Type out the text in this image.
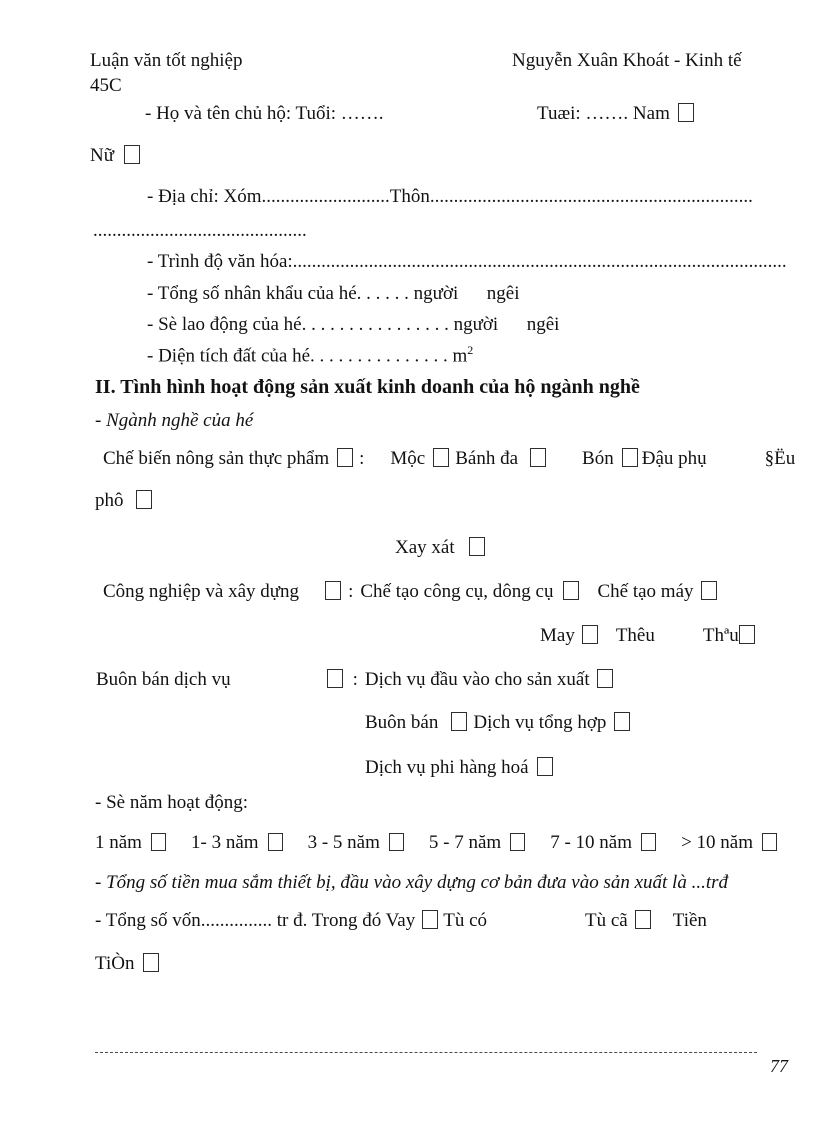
Luận văn tốt nghiệp	Nguyễn Xuân Khoát - Kinh tế
45C
- Họ và tên chủ hộ: Tuổi: …….	Tuæi: ……. Nam
Nữ
- Địa chỉ: Xóm...........................Thôn....................................................................
.............................................
- Trình độ văn hóa:........................................................................................................
- Tổng số nhân khẩu của hé. . . . . . người      ngêi
- Sè lao động của hé. . . . . . . . . . . . . . . . người      ngêi
- Diện tích đất của hé. . . . . . . . . . . . . . . $m^2$
II. Tình hình hoạt động sản xuất kinh doanh của hộ ngành nghề
- Ngành nghề của hé
Chế biến nông sản thực phẩm : Mộc Bánh đa	Bón Đậu phụ	§Ëu
phô
Xay xát
Công nghiệp và xây dựng	: Chế tạo công cụ, dông cụ Chế tạo máy
May Thêu	Thªu
Buôn bán dịch vụ	: Dịch vụ đầu vào cho sản xuất
Buôn bán Dịch vụ tổng hợp
Dịch vụ phi hàng hoá
- Sè năm hoạt động:
1 năm	1- 3 năm	3 - 5 năm	5 - 7 năm	7 - 10 năm	> 10 năm
- Tổng số tiền mua sắm thiết bị, đầu vào xây dựng cơ bản đưa vào sản xuất là ...trđ
- Tổng số vốn............... tr đ. Trong đó Vay Tù có	Tù cã Tiền
TiÒn
77
